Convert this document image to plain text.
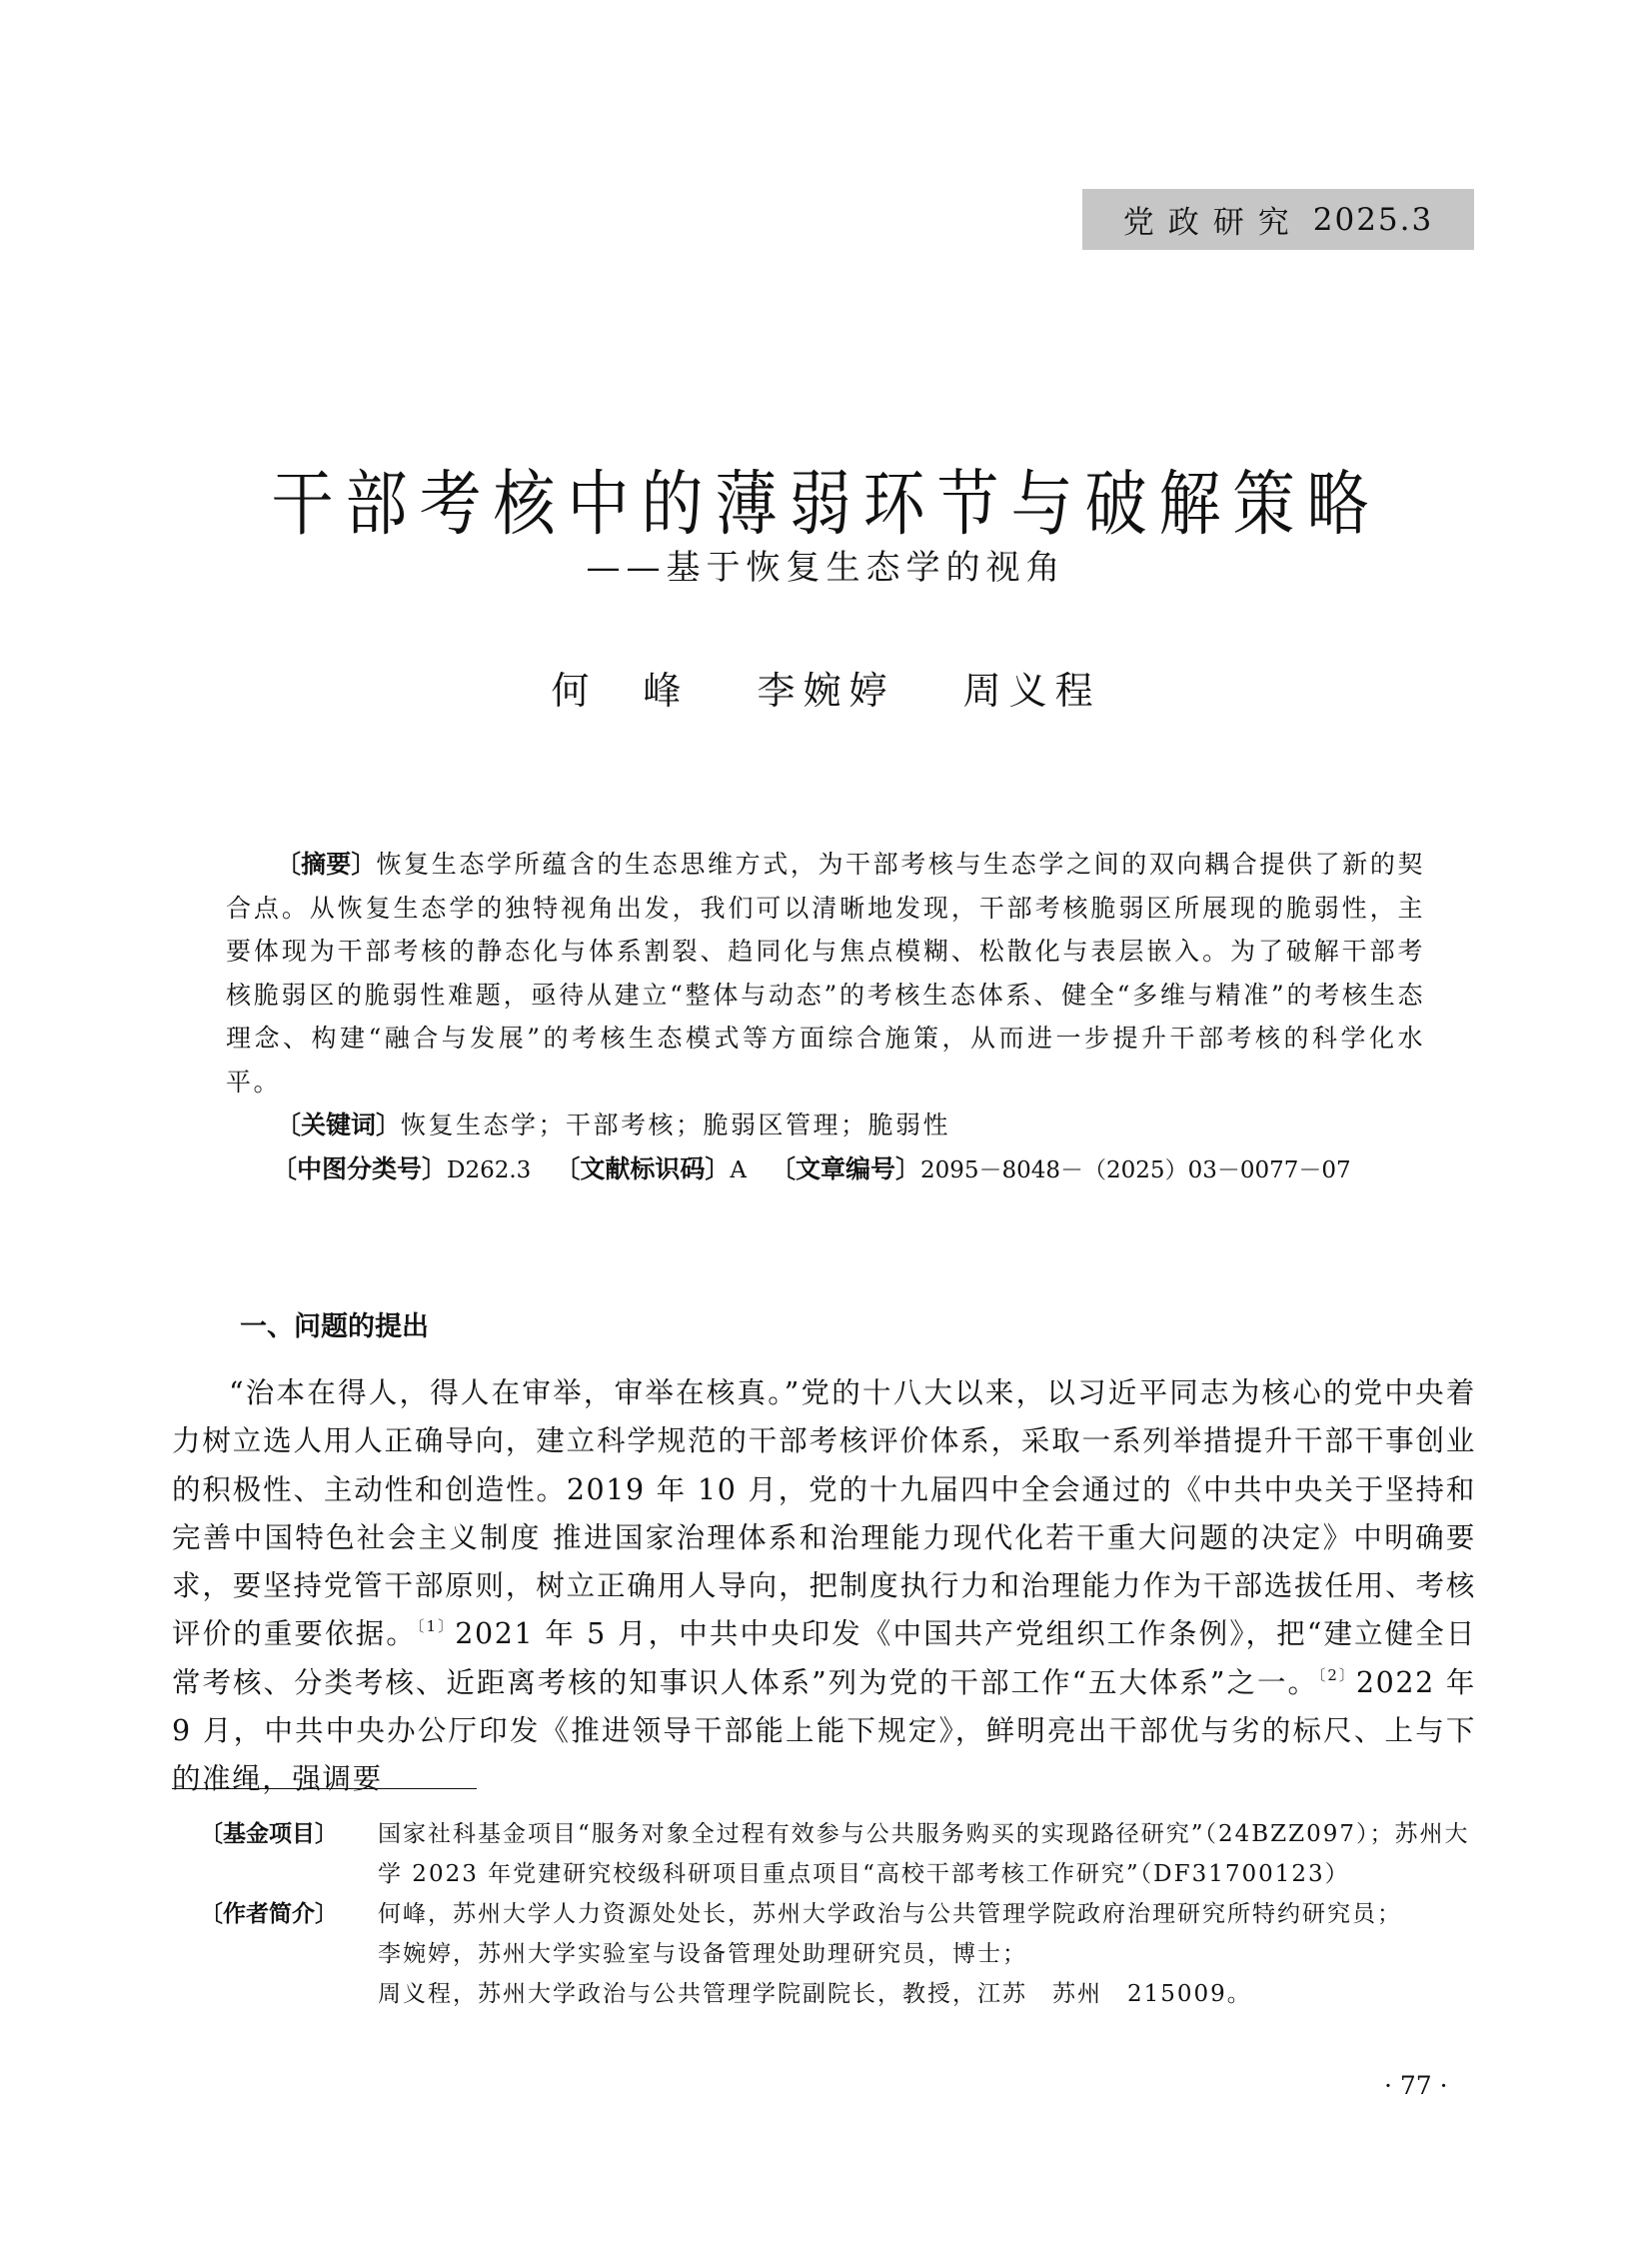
党政研究 2025.3
干部考核中的薄弱环节与破解策略
——基于恢复生态学的视角
何　峰 李婉婷 周义程

〔摘要〕恢复生态学所蕴含的生态思维方式，为干部考核与生态学之间的双向耦合提供了新的契合点。从恢复生态学的独特视角出发，我们可以清晰地发现，干部考核脆弱区所展现的脆弱性，主要体现为干部考核的静态化与体系割裂、趋同化与焦点模糊、松散化与表层嵌入。为了破解干部考核脆弱区的脆弱性难题，亟待从建立“整体与动态”的考核生态体系、健全“多维与精准”的考核生态理念、构建“融合与发展”的考核生态模式等方面综合施策，从而进一步提升干部考核的科学化水平。

〔关键词〕恢复生态学；干部考核；脆弱区管理；脆弱性

〔中图分类号〕D262.3 〔文献标识码〕A 〔文章编号〕2095－8048－（2025）03－0077－07

一、问题的提出

“治本在得人，得人在审举，审举在核真。”党的十八大以来，以习近平同志为核心的党中央着力树立选人用人正确导向，建立科学规范的干部考核评价体系，采取一系列举措提升干部干事创业的积极性、主动性和创造性。2019 年 10 月，党的十九届四中全会通过的《中共中央关于坚持和完善中国特色社会主义制度 推进国家治理体系和治理能力现代化若干重大问题的决定》中明确要求，要坚持党管干部原则，树立正确用人导向，把制度执行力和治理能力作为干部选拔任用、考核评价的重要依据。$^{〔1〕}$2021 年 5 月，中共中央印发《中国共产党组织工作条例》，把“建立健全日常考核、分类考核、近距离考核的知事识人体系”列为党的干部工作“五大体系”之一。$^{〔2〕}$2022 年 9 月，中共中央办公厅印发《推进领导干部能上能下规定》，鲜明亮出干部优与劣的标尺、上与下的准绳，强调要

〔基金项目〕	国家社科基金项目“服务对象全过程有效参与公共服务购买的实现路径研究”（24BZZ097）；苏州大学 2023 年党建研究校级科研项目重点项目“高校干部考核工作研究”（DF31700123）
〔作者简介〕	何峰，苏州大学人力资源处处长，苏州大学政治与公共管理学院政府治理研究所特约研究员；
李婉婷，苏州大学实验室与设备管理处助理研究员，博士；
周义程，苏州大学政治与公共管理学院副院长，教授，江苏　苏州　215009。
· 77 ·
